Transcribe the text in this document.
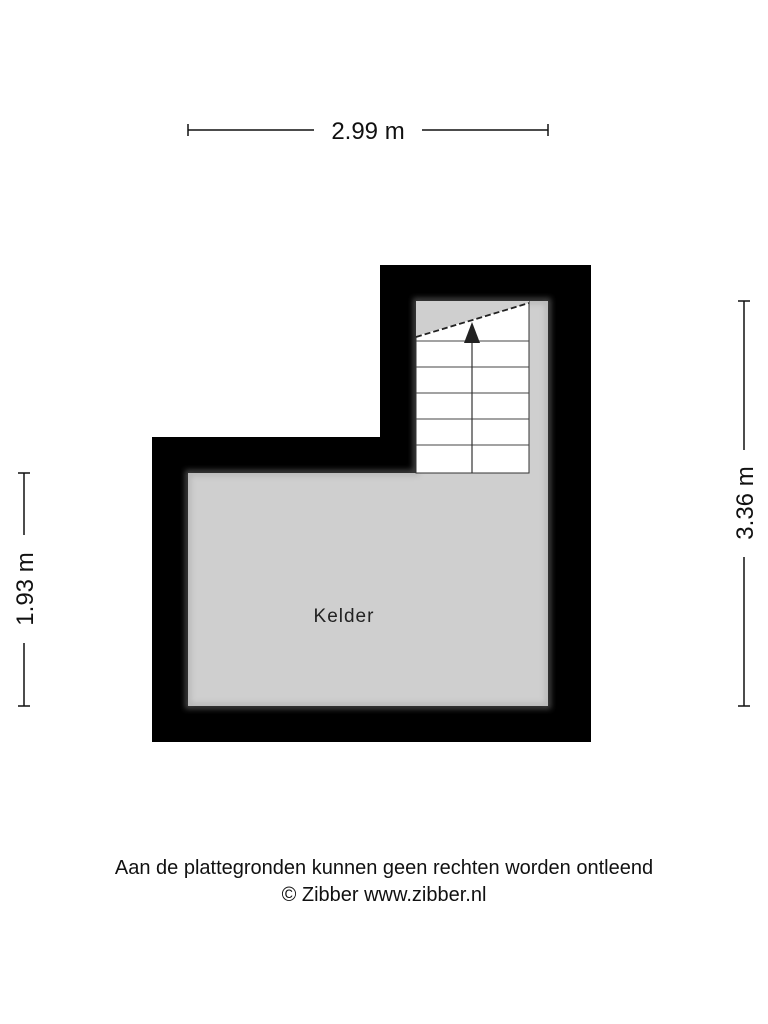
2.99 m
1.93 m
3.36 m
Kelder
Aan de plattegronden kunnen geen rechten worden ontleend
© Zibber www.zibber.nl
